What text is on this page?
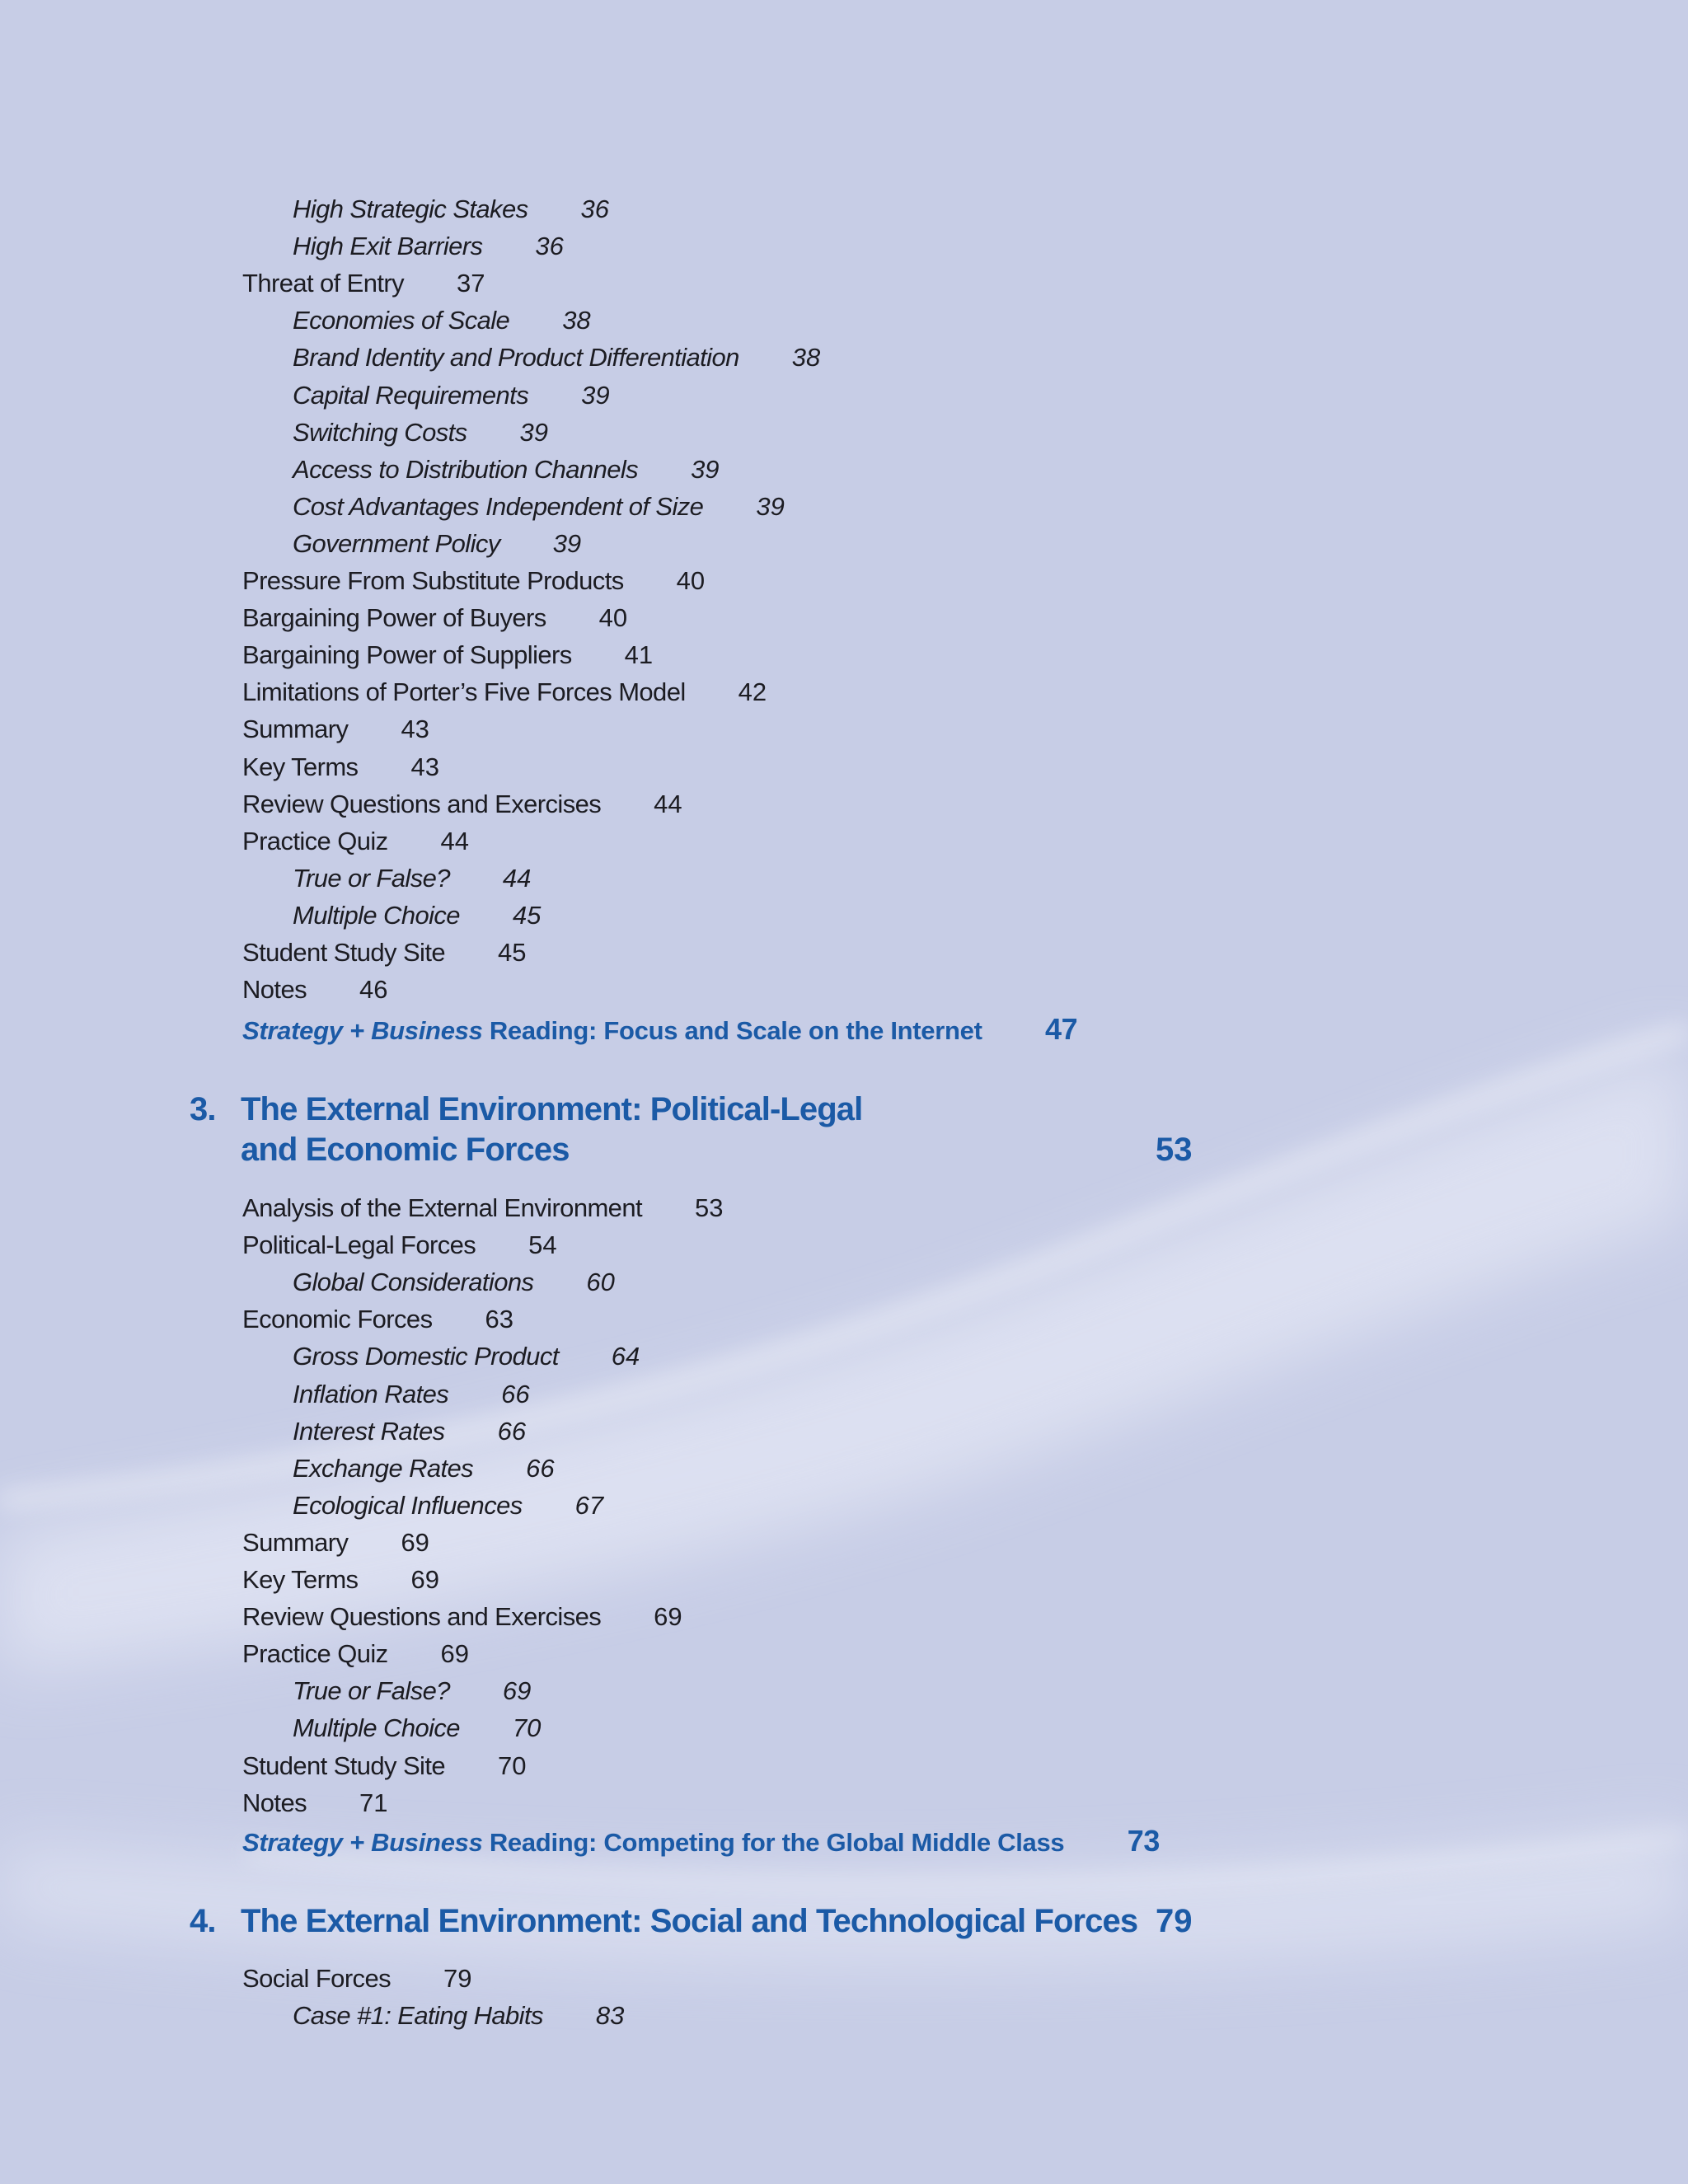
High Strategic Stakes 36
High Exit Barriers 36
Threat of Entry 37
Economies of Scale 38
Brand Identity and Product Differentiation 38
Capital Requirements 39
Switching Costs 39
Access to Distribution Channels 39
Cost Advantages Independent of Size 39
Government Policy 39
Pressure From Substitute Products 40
Bargaining Power of Buyers 40
Bargaining Power of Suppliers 41
Limitations of Porter’s Five Forces Model 42
Summary 43
Key Terms 43
Review Questions and Exercises 44
Practice Quiz 44
True or False? 44
Multiple Choice 45
Student Study Site 45
Notes 46
Strategy + Business Reading: Focus and Scale on the Internet 47
3. The External Environment: Political-Legal
and Economic Forces	53
Analysis of the External Environment 53
Political-Legal Forces 54
Global Considerations 60
Economic Forces 63
Gross Domestic Product 64
Inflation Rates 66
Interest Rates 66
Exchange Rates 66
Ecological Influences 67
Summary 69
Key Terms 69
Review Questions and Exercises 69
Practice Quiz 69
True or False? 69
Multiple Choice 70
Student Study Site 70
Notes 71
Strategy + Business Reading: Competing for the Global Middle Class 73
4. The External Environment: Social and Technological Forces 79
Social Forces 79
Case #1: Eating Habits 83
